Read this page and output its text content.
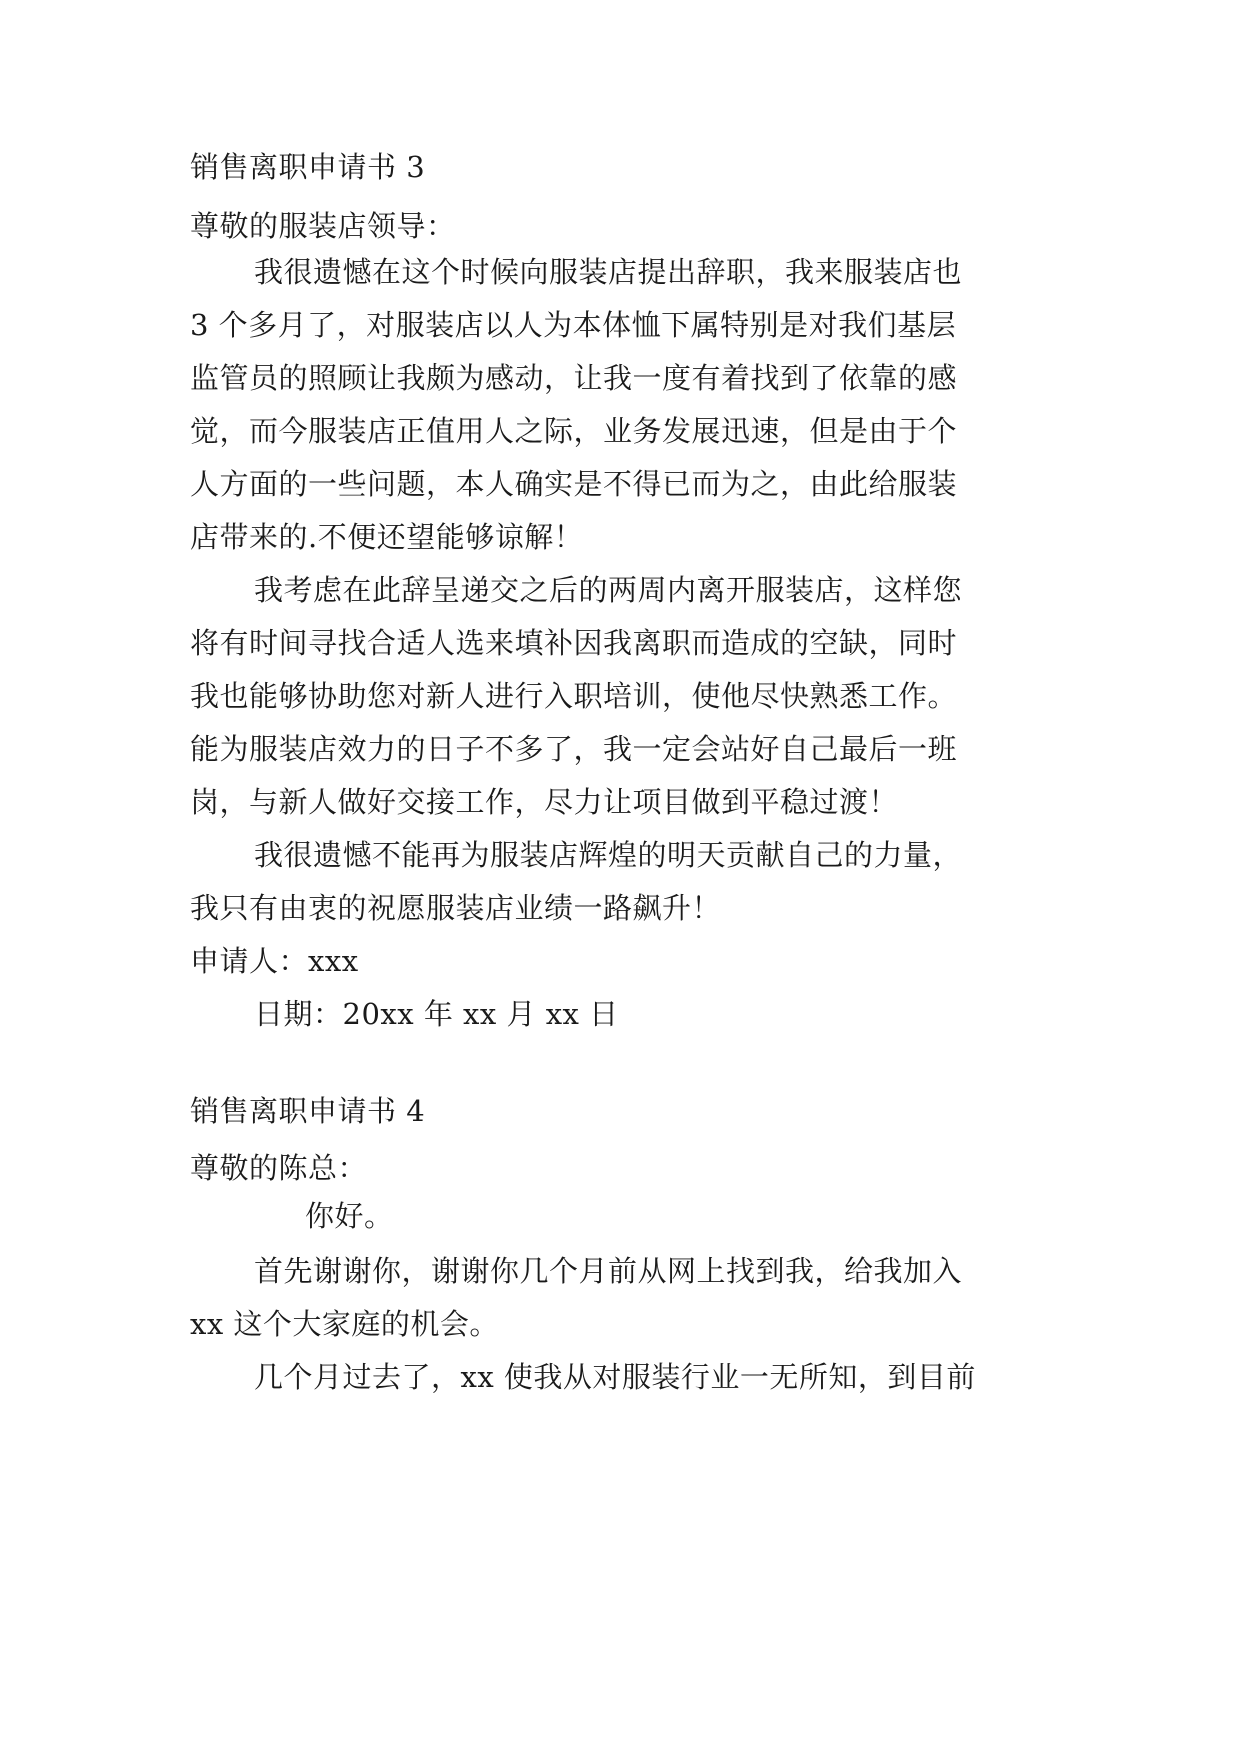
销售离职申请书 3
尊敬的服装店领导：
我很遗憾在这个时候向服装店提出辞职，我来服装店也
3 个多月了，对服装店以人为本体恤下属特别是对我们基层
监管员的照顾让我颇为感动，让我一度有着找到了依靠的感
觉，而今服装店正值用人之际，业务发展迅速，但是由于个
人方面的一些问题，本人确实是不得已而为之，由此给服装
店带来的.不便还望能够谅解！
我考虑在此辞呈递交之后的两周内离开服装店，这样您
将有时间寻找合适人选来填补因我离职而造成的空缺，同时
我也能够协助您对新人进行入职培训，使他尽快熟悉工作。
能为服装店效力的日子不多了，我一定会站好自己最后一班
岗，与新人做好交接工作，尽力让项目做到平稳过渡！
我很遗憾不能再为服装店辉煌的明天贡献自己的力量，
我只有由衷的祝愿服装店业绩一路飙升！
申请人：xxx
日期：20xx 年 xx 月 xx 日
销售离职申请书 4
尊敬的陈总：
你好。
首先谢谢你，谢谢你几个月前从网上找到我，给我加入
xx 这个大家庭的机会。
几个月过去了，xx 使我从对服装行业一无所知，到目前
